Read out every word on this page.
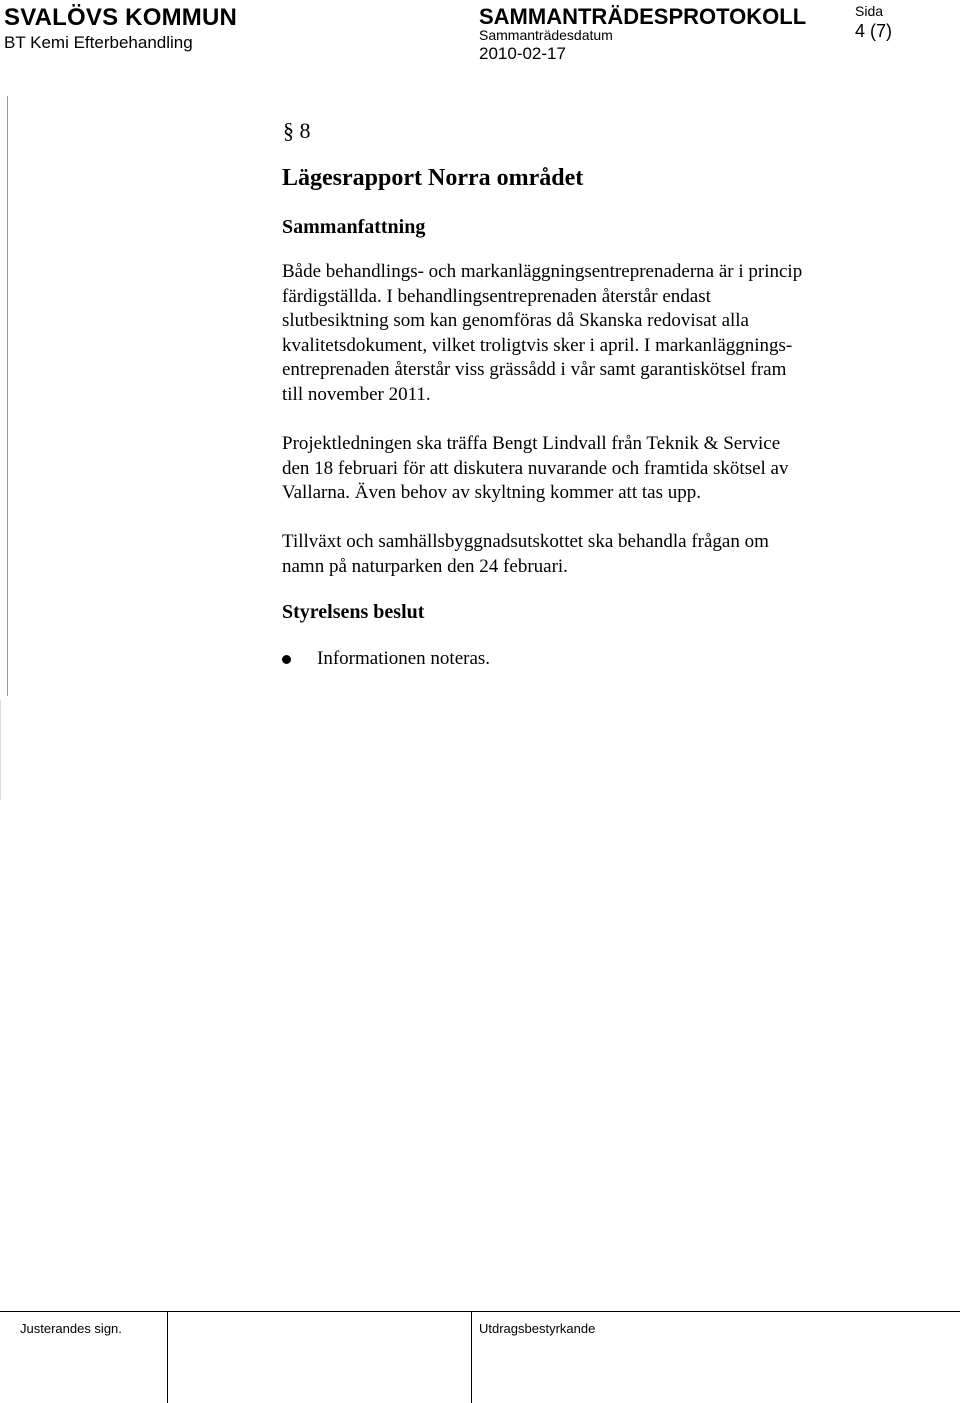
SVALÖVS KOMMUN
BT Kemi Efterbehandling
SAMMANTRÄDESPROTOKOLL
Sammanträdesdatum
2010-02-17
Sida
4 (7)
§ 8
Lägesrapport Norra området
Sammanfattning
Både behandlings- och markanläggningsentreprenaderna är i princip
färdigställda. I behandlingsentreprenaden återstår endast
slutbesiktning som kan genomföras då Skanska redovisat alla
kvalitetsdokument, vilket troligtvis sker i april. I markanläggnings-
entreprenaden återstår viss grässådd i vår samt garantiskötsel fram
till november 2011.
Projektledningen ska träffa Bengt Lindvall från Teknik & Service
den 18 februari för att diskutera nuvarande och framtida skötsel av
Vallarna. Även behov av skyltning kommer att tas upp.
Tillväxt och samhällsbyggnadsutskottet ska behandla frågan om
namn på naturparken den 24 februari.
Styrelsens beslut
Informationen noteras.
Justerandes sign.	Utdragsbestyrkande
